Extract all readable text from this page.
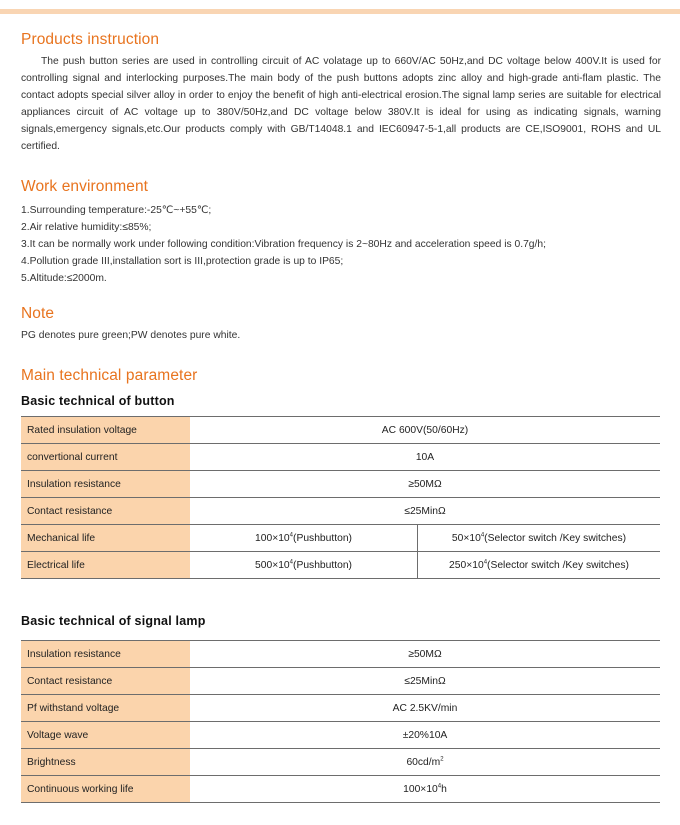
Products instruction
The push button series are used in controlling circuit of AC volatage up to 660V/AC 50Hz,and DC voltage below 400V.It is used for controlling signal and interlocking purposes.The main body of the push buttons adopts zinc alloy and high-grade anti-flam plastic. The contact adopts special silver alloy in order to enjoy the benefit of high anti-electrical erosion.The signal lamp series are suitable for electrical appliances circuit of AC voltage up to 380V/50Hz,and DC voltage below 380V.It is ideal for using as indicating signals, warning signals,emergency signals,etc.Our products comply with GB/T14048.1 and IEC60947-5-1,all products are CE,ISO9001, ROHS and UL certified.
Work environment
1.Surrounding temperature:-25℃~+55℃;
2.Air relative humidity:≤85%;
3.It can be normally work under following condition:Vibration frequency is 2~80Hz and acceleration speed is 0.7g/h;
4.Pollution grade III,installation sort is III,protection grade is up to IP65;
5.Altitude:≤2000m.
Note
PG denotes pure green;PW denotes pure white.
Main technical parameter
Basic technical of button
Rated insulation voltage	AC 600V(50/60Hz)	
convertional current	10A	
Insulation resistance	≥50MΩ	
Contact resistance	≤25MinΩ	
Mechanical life	$100\times 10^4(Pushbutton)$	$50\times 10^4(Selector$ switch /Key switches)
Electrical life	$500\times 10^4(Pushbutton)$	$250\times 10^4(Selector$ switch /Key switches)
Basic technical of signal lamp
Insulation resistance	≥50MΩ
Contact resistance	≤25MinΩ
Pf withstand voltage	AC 2.5KV/min
Voltage wave	±20%10A
Brightness	$60cd/m^2$
Continuous working life	$100\times 10^4h$
